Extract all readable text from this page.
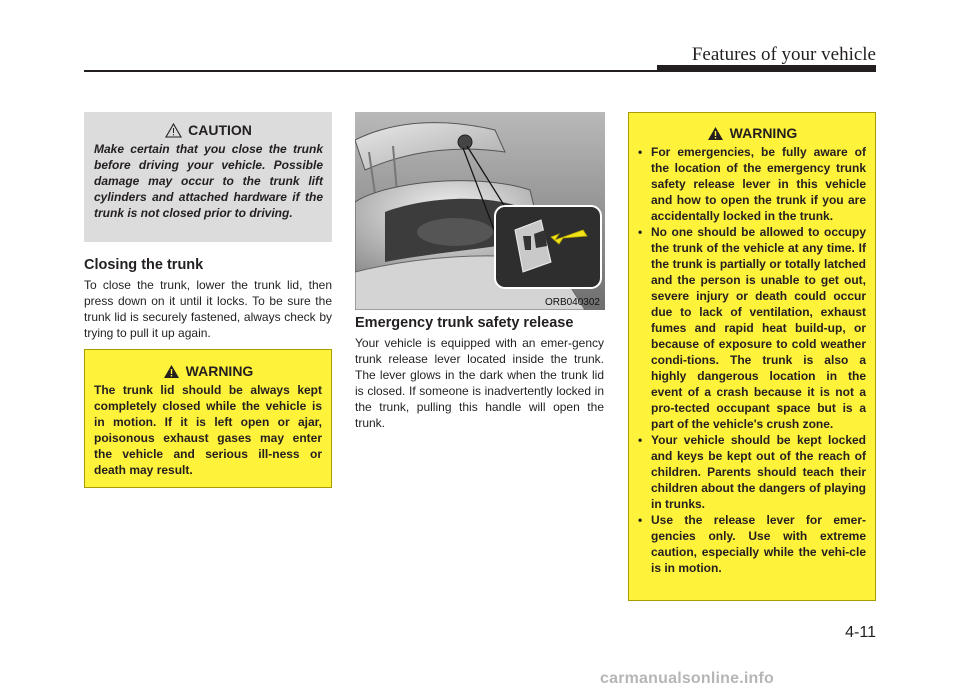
Features of your vehicle
CAUTION

Make certain that you close the trunk before driving your vehicle. Possible damage may occur to the trunk lift cylinders and attached hardware if the trunk is not closed prior to driving.

Closing the trunk

To close the trunk, lower the trunk lid, then press down on it until it locks. To be sure the trunk lid is securely fastened, always check by trying to pull it up again.

WARNING

The trunk lid should be always kept completely closed while the vehicle is in motion. If it is left open or ajar, poisonous exhaust gases may enter the vehicle and serious ill-ness or death may result.

ORB040302
Emergency trunk safety release

Your vehicle is equipped with an emer-gency trunk release lever located inside the trunk. The lever glows in the dark when the trunk lid is closed. If someone is inadvertently locked in the trunk, pulling this handle will open the trunk.

WARNING
• For emergencies, be fully aware of the location of the emergency trunk safety release lever in this vehicle and how to open the trunk if you are accidentally locked in the trunk.
• No one should be allowed to occupy the trunk of the vehicle at any time. If the trunk is partially or totally latched and the person is unable to get out, severe injury or death could occur due to lack of ventilation, exhaust fumes and rapid heat build-up, or because of exposure to cold weather condi-tions. The trunk is also a highly dangerous location in the event of a crash because it is not a pro-tected occupant space but is a part of the vehicle's crush zone.
• Your vehicle should be kept locked and keys be kept out of the reach of children. Parents should teach their children about the dangers of playing in trunks.
• Use the release lever for emer-gencies only. Use with extreme caution, especially while the vehi-cle is in motion.
4-11
carmanualsonline.info
